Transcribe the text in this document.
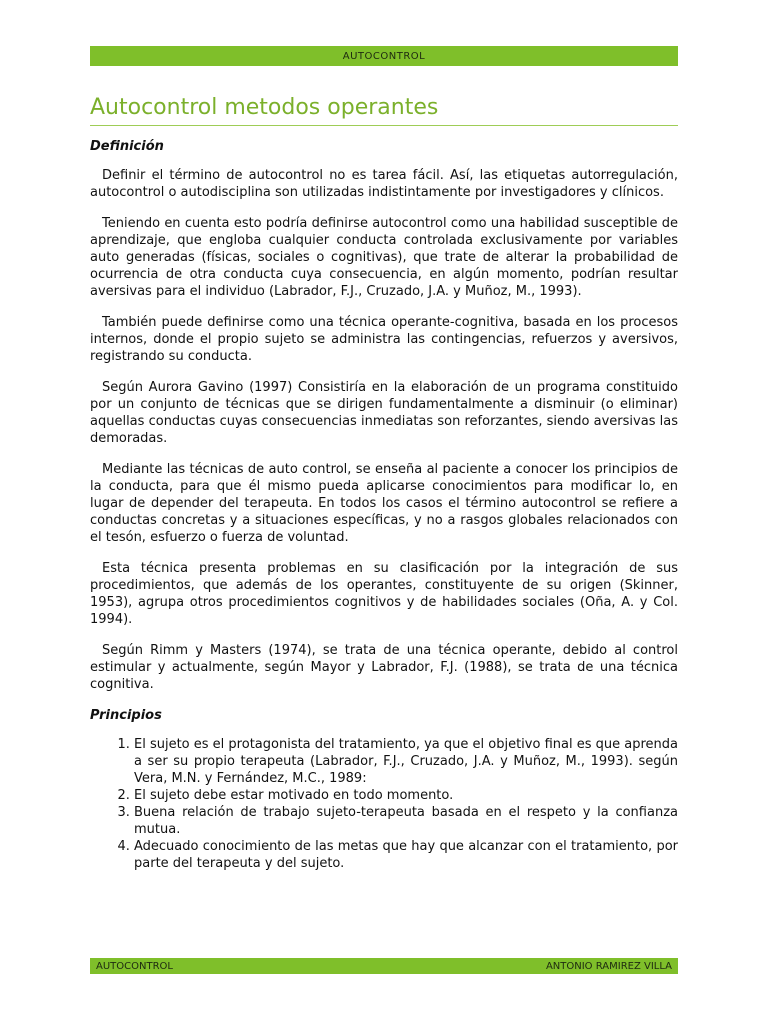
AUTOCONTROL
Autocontrol metodos operantes
Definición

Definir el término de autocontrol no es tarea fácil. Así, las etiquetas autorregulación, autocontrol o autodisciplina son utilizadas indistintamente por investigadores y clínicos.

Teniendo en cuenta esto podría definirse autocontrol como una habilidad susceptible de aprendizaje, que engloba cualquier conducta controlada exclusivamente por variables auto generadas (físicas, sociales o cognitivas), que trate de alterar la probabilidad de ocurrencia de otra conducta cuya consecuencia, en algún momento, podrían resultar aversivas para el individuo (Labrador, F.J., Cruzado, J.A. y Muñoz, M., 1993).

También puede definirse como una técnica operante-cognitiva, basada en los procesos internos, donde el propio sujeto se administra las contingencias, refuerzos y aversivos, registrando su conducta.

Según Aurora Gavino (1997) Consistiría en la elaboración de un programa constituido por un conjunto de técnicas que se dirigen fundamentalmente a disminuir (o eliminar) aquellas conductas cuyas consecuencias inmediatas son reforzantes, siendo aversivas las demoradas.

Mediante las técnicas de auto control, se enseña al paciente a conocer los principios de la conducta, para que él mismo pueda aplicarse conocimientos para modificar lo, en lugar de depender del terapeuta. En todos los casos el término autocontrol se refiere a conductas concretas y a situaciones específicas, y no a rasgos globales relacionados con el tesón, esfuerzo o fuerza de voluntad.

Esta técnica presenta problemas en su clasificación por la integración de sus procedimientos, que además de los operantes, constituyente de su origen (Skinner, 1953), agrupa otros procedimientos cognitivos y de habilidades sociales (Oña, A. y Col. 1994).

Según Rimm y Masters (1974), se trata de una técnica operante, debido al control estimular y actualmente, según Mayor y Labrador, F.J. (1988), se trata de una técnica cognitiva.

Principios
1. El sujeto es el protagonista del tratamiento, ya que el objetivo final es que aprenda a ser su propio terapeuta (Labrador, F.J., Cruzado, J.A. y Muñoz, M., 1993). según Vera, M.N. y Fernández, M.C., 1989:
2. El sujeto debe estar motivado en todo momento.
3. Buena relación de trabajo sujeto-terapeuta basada en el respeto y la confianza mutua.
4. Adecuado conocimiento de las metas que hay que alcanzar con el tratamiento, por parte del terapeuta y del sujeto.
AUTOCONTROL	ANTONIO RAMIREZ VILLA
